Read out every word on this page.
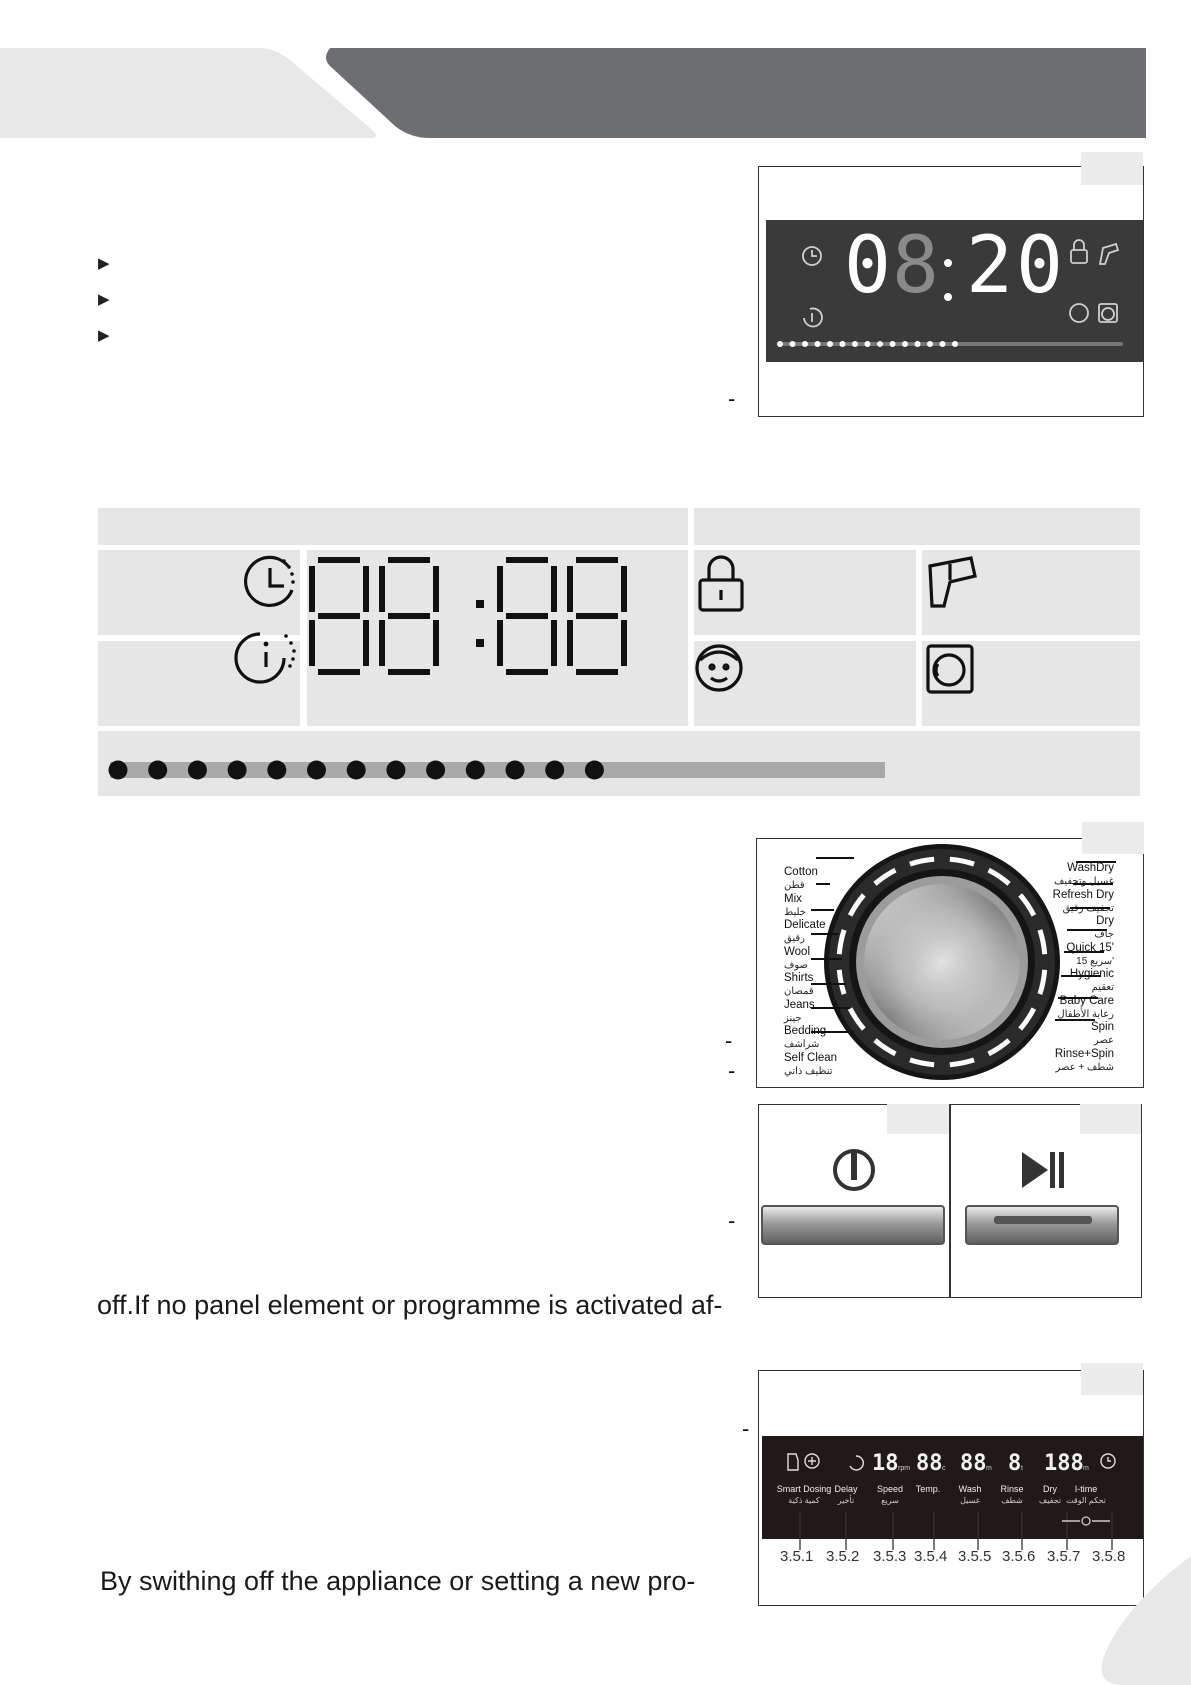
▶
▶
▶
-
0 8 2 0
Cotton
قطن
Mix
خليط
Delicate
رقيق
Wool
صوف
Shirts
قمصان
Jeans
جينز
Bedding
شراشف
Self Clean
تنظيف ذاتي
WashDry
غسيل وتجفيف
Refresh Dry
تجفيف رقيق
Dry
جاف
Quick 15'
سريع 15'
Hygienic
تعقيم
Baby Care
رعاية الأطفال
Spin
عصر
Rinse+Spin
شطف + عصر
-
-
-
off.If no panel element or programme is activated af-
-
18 88 88 8 188
rpm	c	m	t	m
Smart Dosing
كمية ذكية
Delay
تأخير
Speed
سريع
Temp.	Wash
غسيل
Rinse
شطف
Dry
تجفيف
I-time
تحكم الوقت
3.5.1 3.5.2 3.5.3 3.5.4 3.5.5 3.5.6 3.5.7 3.5.8
By swithing off the appliance or setting a new pro-
